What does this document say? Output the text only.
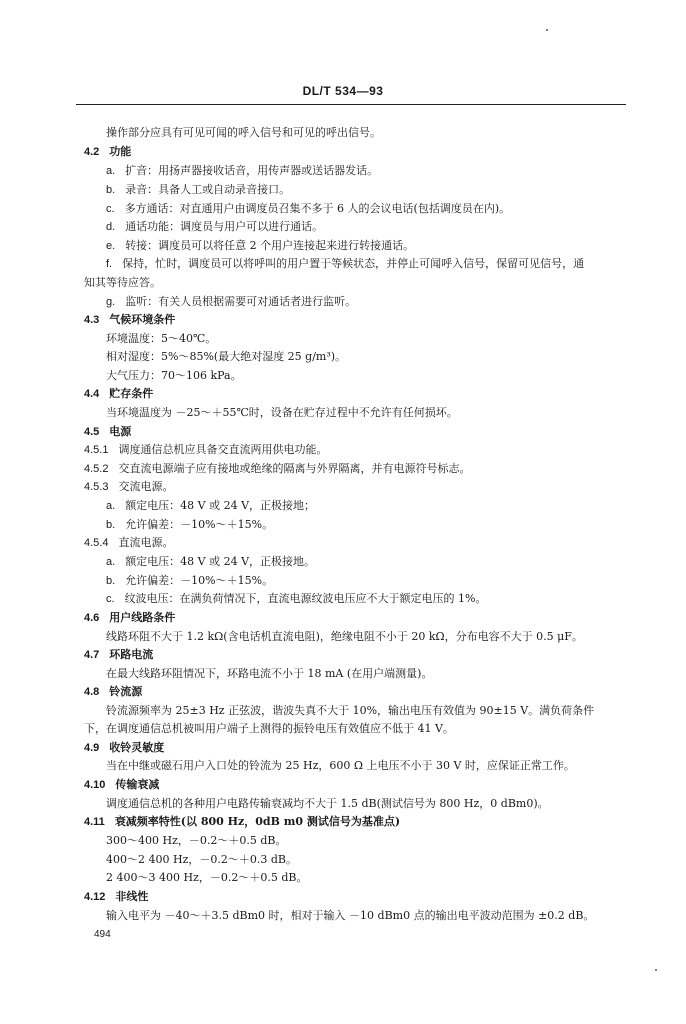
DL/T 534—93
操作部分应具有可见可闻的呼入信号和可见的呼出信号。
4.2 功能
a. 扩音：用扬声器接收话音，用传声器或送话器发话。
b. 录音：具备人工或自动录音接口。
c. 多方通话：对直通用户由调度员召集不多于 6 人的会议电话(包括调度员在内)。
d. 通话功能：调度员与用户可以进行通话。
e. 转接：调度员可以将任意 2 个用户连接起来进行转接通话。
f. 保持，忙时，调度员可以将呼叫的用户置于等候状态，并停止可闻呼入信号，保留可见信号，通
知其等待应答。
g. 监听：有关人员根据需要可对通话者进行监听。
4.3 气候环境条件
环境温度：5～40℃。
相对湿度：5%～85%(最大绝对湿度 25 g/m³)。
大气压力：70～106 kPa。
4.4 贮存条件
当环境温度为 －25～＋55℃时，设备在贮存过程中不允许有任何损坏。
4.5 电源
4.5.1 调度通信总机应具备交直流两用供电功能。
4.5.2 交直流电源端子应有接地或绝缘的隔离与外界隔离，并有电源符号标志。
4.5.3 交流电源。
a. 额定电压：48 V 或 24 V，正极接地；
b. 允许偏差：－10%～＋15%。
4.5.4 直流电源。
a. 额定电压：48 V 或 24 V，正极接地。
b. 允许偏差：－10%～＋15%。
c. 纹波电压：在满负荷情况下，直流电源纹波电压应不大于额定电压的 1%。
4.6 用户线路条件
线路环阻不大于 1.2 kΩ(含电话机直流电阻)，绝缘电阻不小于 20 kΩ，分布电容不大于 0.5 μF。
4.7 环路电流
在最大线路环阻情况下，环路电流不小于 18 mA (在用户端测量)。
4.8 铃流源
铃流源频率为 25±3 Hz 正弦波，谐波失真不大于 10%，输出电压有效值为 90±15 V。满负荷条件
下，在调度通信总机被叫用户端子上测得的振铃电压有效值应不低于 41 V。
4.9 收铃灵敏度
当在中继或磁石用户入口处的铃流为 25 Hz，600 Ω 上电压不小于 30 V 时，应保证正常工作。
4.10 传输衰减
调度通信总机的各种用户电路传输衰减均不大于 1.5 dB(测试信号为 800 Hz，0 dBm0)。
4.11 衰减频率特性(以 800 Hz，0dB m0 测试信号为基准点)
300～400 Hz，－0.2～＋0.5 dB。
400～2 400 Hz，－0.2～＋0.3 dB。
2 400～3 400 Hz，－0.2～＋0.5 dB。
4.12 非线性
输入电平为 －40～＋3.5 dBm0 时，相对于输入 －10 dBm0 点的输出电平波动范围为 ±0.2 dB。
494
